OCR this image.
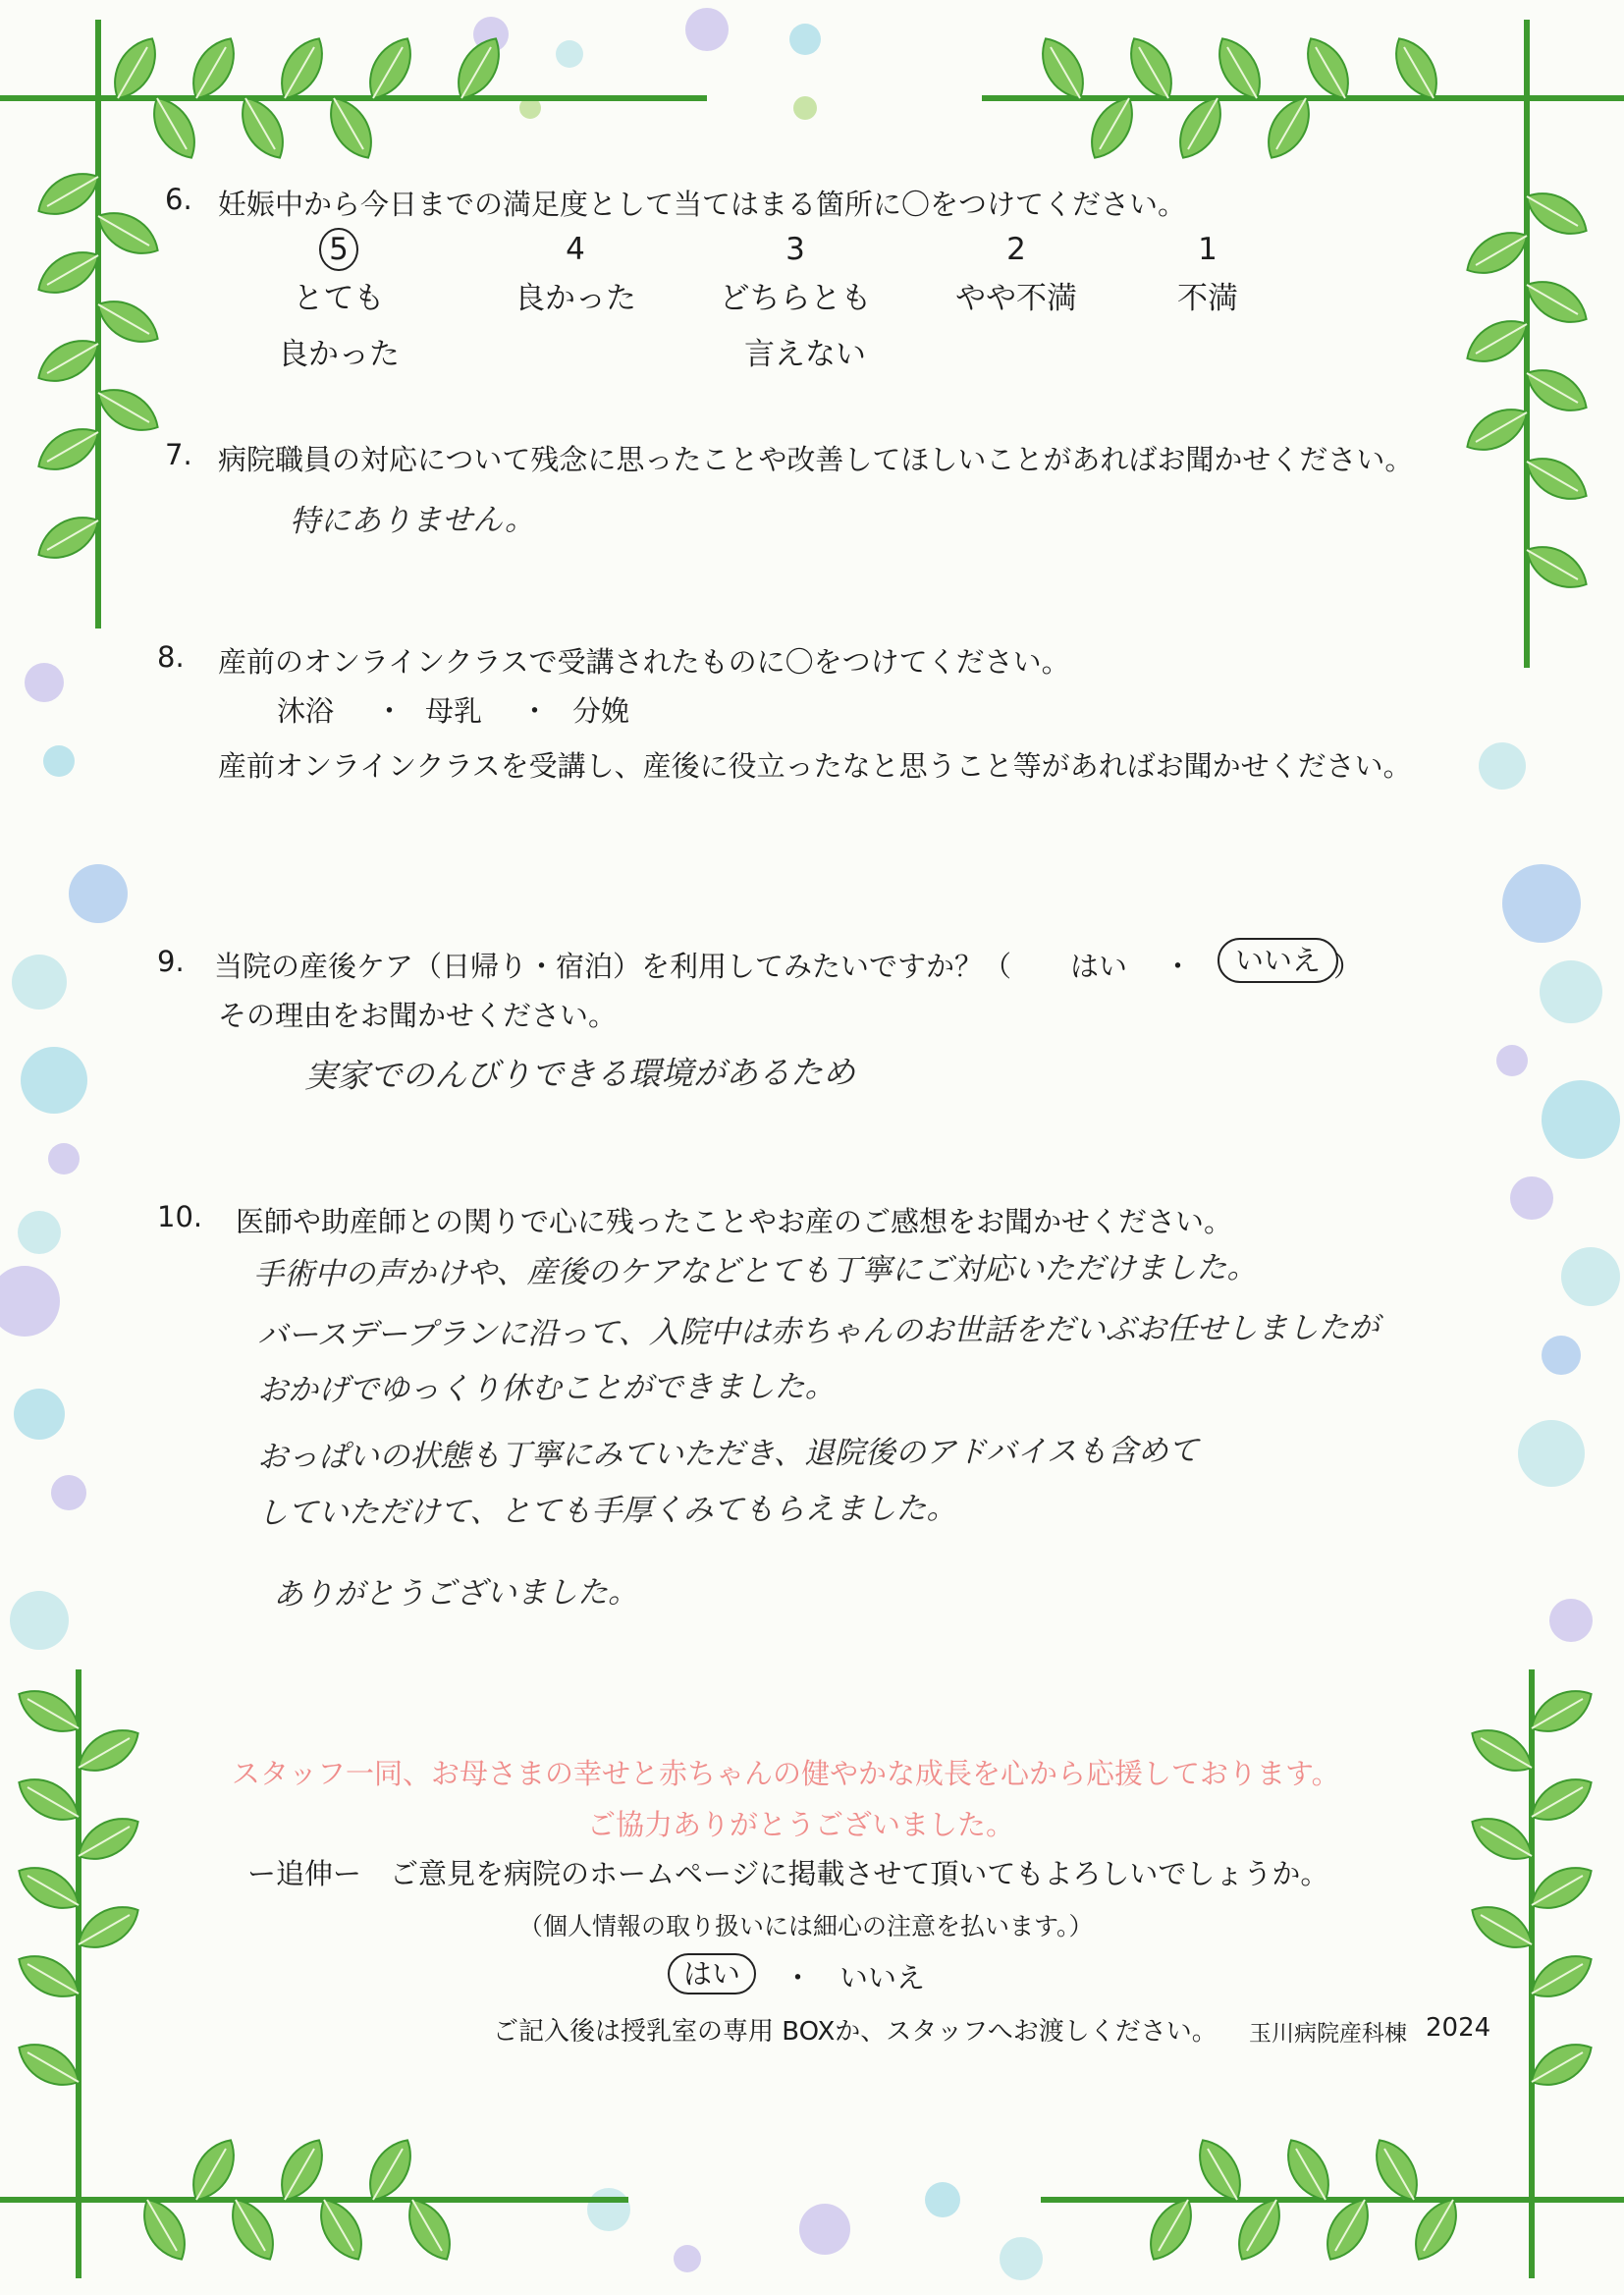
6. 妊娠中から今日までの満足度として当てはまる箇所に〇をつけてください。
5
とても
良かった
4
良かった
3
どちらとも
言えない
2
やや不満
1
不満
7. 病院職員の対応について残念に思ったことや改善してほしいことがあればお聞かせください。
特にありません。
8. 産前のオンラインクラスで受講されたものに〇をつけてください。
沐浴 ・ 母乳 ・ 分娩
産前オンラインクラスを受講し、産後に役立ったなと思うこと等があればお聞かせください。
9. 当院の産後ケア（日帰り・宿泊）を利用してみたいですか？（ はい ・	いいえ ）
その理由をお聞かせください。
実家でのんびりできる環境があるため
10. 医師や助産師との関りで心に残ったことやお産のご感想をお聞かせください。
手術中の声かけや、産後のケアなどとても丁寧にご対応いただけました。
バースデープランに沿って、入院中は赤ちゃんのお世話をだいぶお任せしましたが
おかげでゆっくり休むことができました。
おっぱいの状態も丁寧にみていただき、退院後のアドバイスも含めて
していただけて、とても手厚くみてもらえました。
ありがとうございました。
スタッフ一同、お母さまの幸せと赤ちゃんの健やかな成長を心から応援しております。
ご協力ありがとうございました。
ー追伸ー　ご意見を病院のホームページに掲載させて頂いてもよろしいでしょうか。
（個人情報の取り扱いには細心の注意を払います。）
はい	・ いいえ
ご記入後は授乳室の専用 BOXか、スタッフへお渡しください。 玉川病院産科棟 2024
